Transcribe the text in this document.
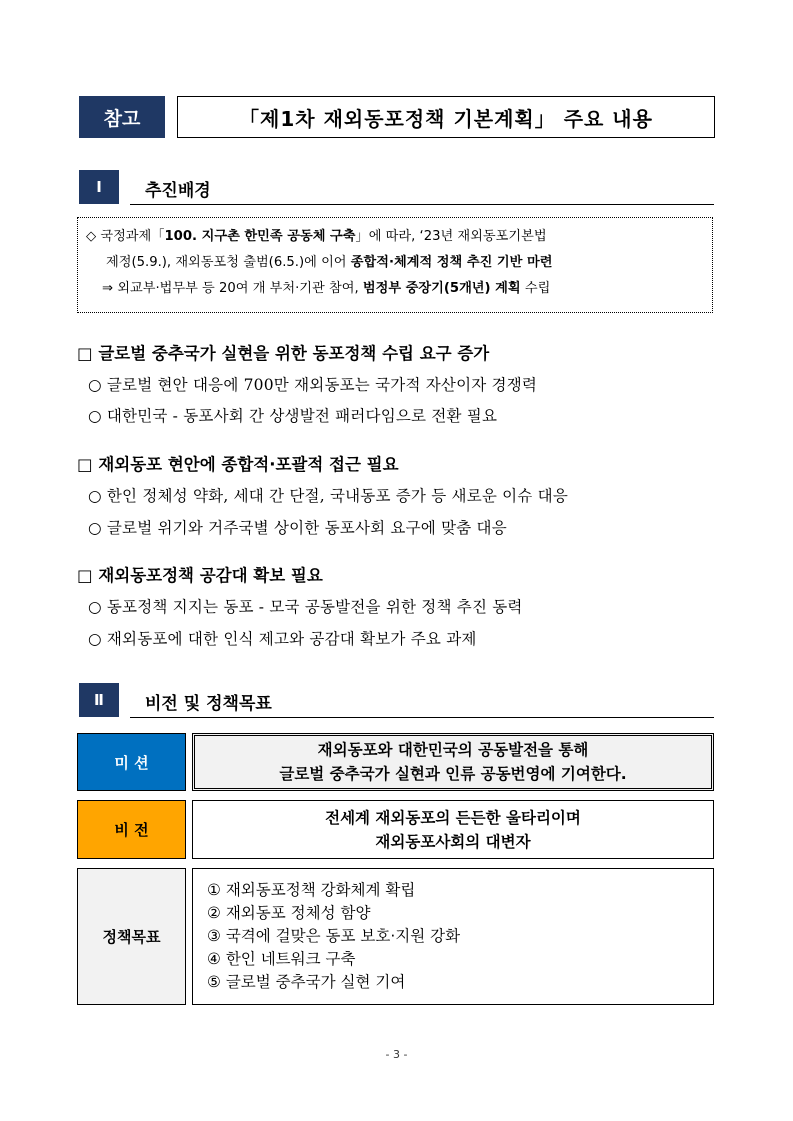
참고	「제1차 재외동포정책 기본계획」 주요 내용
Ⅰ	추진배경
◇ 국정과제「100. 지구촌 한민족 공동체 구축」에 따라, ‘23년 재외동포기본법
제정(5.9.), 재외동포청 출범(6.5.)에 이어 종합적·체계적 정책 추진 기반 마련
⇒ 외교부·법무부 등 20여 개 부처·기관 참여, 범정부 중장기(5개년) 계획 수립
□ 글로벌 중추국가 실현을 위한 동포정책 수립 요구 증가
○ 글로벌 현안 대응에 700만 재외동포는 국가적 자산이자 경쟁력
○ 대한민국 - 동포사회 간 상생발전 패러다임으로 전환 필요
□ 재외동포 현안에 종합적·포괄적 접근 필요
○ 한인 정체성 약화, 세대 간 단절, 국내동포 증가 등 새로운 이슈 대응
○ 글로벌 위기와 거주국별 상이한 동포사회 요구에 맞춤 대응
□ 재외동포정책 공감대 확보 필요
○ 동포정책 지지는 동포 - 모국 공동발전을 위한 정책 추진 동력
○ 재외동포에 대한 인식 제고와 공감대 확보가 주요 과제
Ⅱ	비전 및 정책목표
미 션
재외동포와 대한민국의 공동발전을 통해
글로벌 중추국가 실현과 인류 공동번영에 기여한다.
비 전
전세계 재외동포의 든든한 울타리이며
재외동포사회의 대변자
정책목표
① 재외동포정책 강화체계 확립
② 재외동포 정체성 함양
③ 국격에 걸맞은 동포 보호·지원 강화
④ 한인 네트워크 구축
⑤ 글로벌 중추국가 실현 기여
- 3 -
